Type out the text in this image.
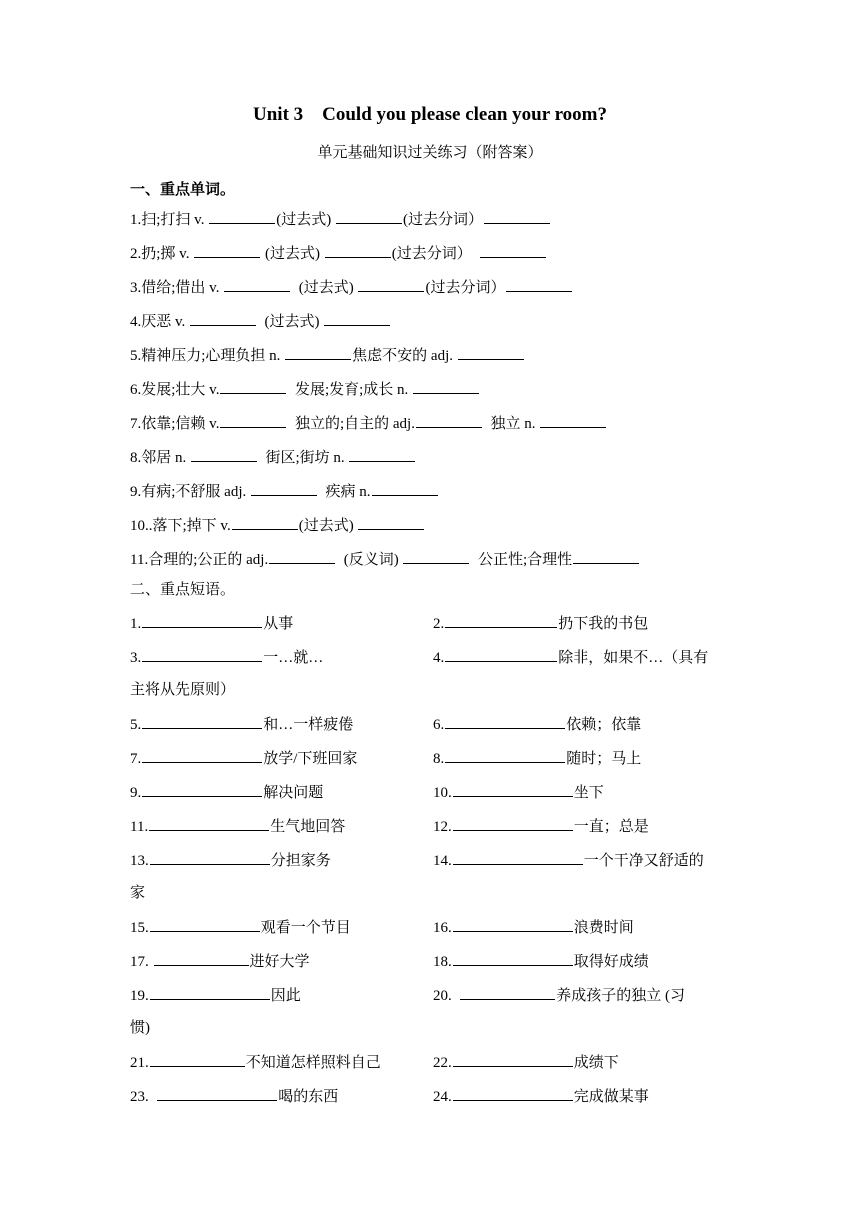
Unit 3    Could you please clean your room?
单元基础知识过关练习（附答案）
一、重点单词。
1.扫;打扫 v.	(过去式)	(过去分词）
2.扔;掷 v.	(过去式)	(过去分词）
3.借给;借出 v.	(过去式)	(过去分词）
4.厌恶 v.	(过去式)
5.精神压力;心理负担 n.	焦虑不安的 adj.
6.发展;壮大 v.	发展;发育;成长 n.
7.依靠;信赖 v.	独立的;自主的 adj.	独立 n.
8.邻居 n.	街区;街坊 n.
9.有病;不舒服 adj.	疾病 n.
10..落下;掉下 v.	(过去式)
11.合理的;公正的 adj.	(反义词)	公正性;合理性
二、重点短语。
1.	从事	2.	扔下我的书包
3.	一…就…	4.	除非，如果不…（具有
主将从先原则）
5.	和…一样疲倦	6.	依赖；依靠
7.	放学/下班回家	8.	随时；马上
9.	解决问题	10.	坐下
11.	生气地回答	12.	一直；总是
13.	分担家务	14.	一个干净又舒适的
家
15.	观看一个节目	16.	浪费时间
17.	进好大学	18.	取得好成绩
19.	因此	20.	养成孩子的独立 (习
惯)
21.	不知道怎样照料自己	22.	成绩下
23.	喝的东西	24.	完成做某事
